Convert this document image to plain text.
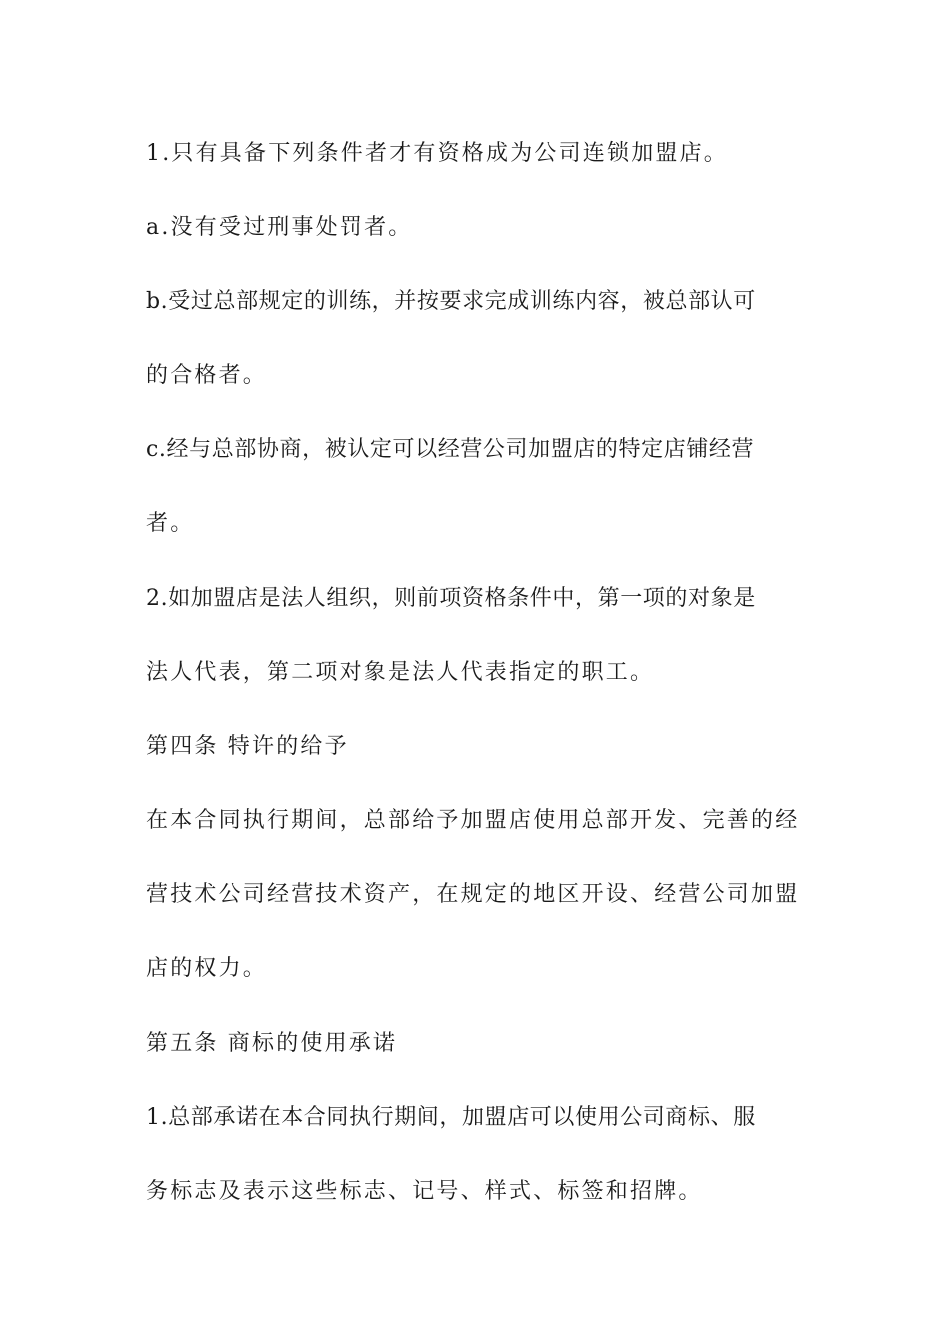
1.只有具备下列条件者才有资格成为公司连锁加盟店。
a.没有受过刑事处罚者。
b.受过总部规定的训练，并按要求完成训练内容，被总部认可
的合格者。
c.经与总部协商，被认定可以经营公司加盟店的特定店铺经营
者。
2.如加盟店是法人组织，则前项资格条件中，第一项的对象是
法人代表，第二项对象是法人代表指定的职工。
第四条 特许的给予
在本合同执行期间，总部给予加盟店使用总部开发、完善的经
营技术公司经营技术资产，在规定的地区开设、经营公司加盟
店的权力。
第五条 商标的使用承诺
1.总部承诺在本合同执行期间，加盟店可以使用公司商标、服
务标志及表示这些标志、记号、样式、标签和招牌。
